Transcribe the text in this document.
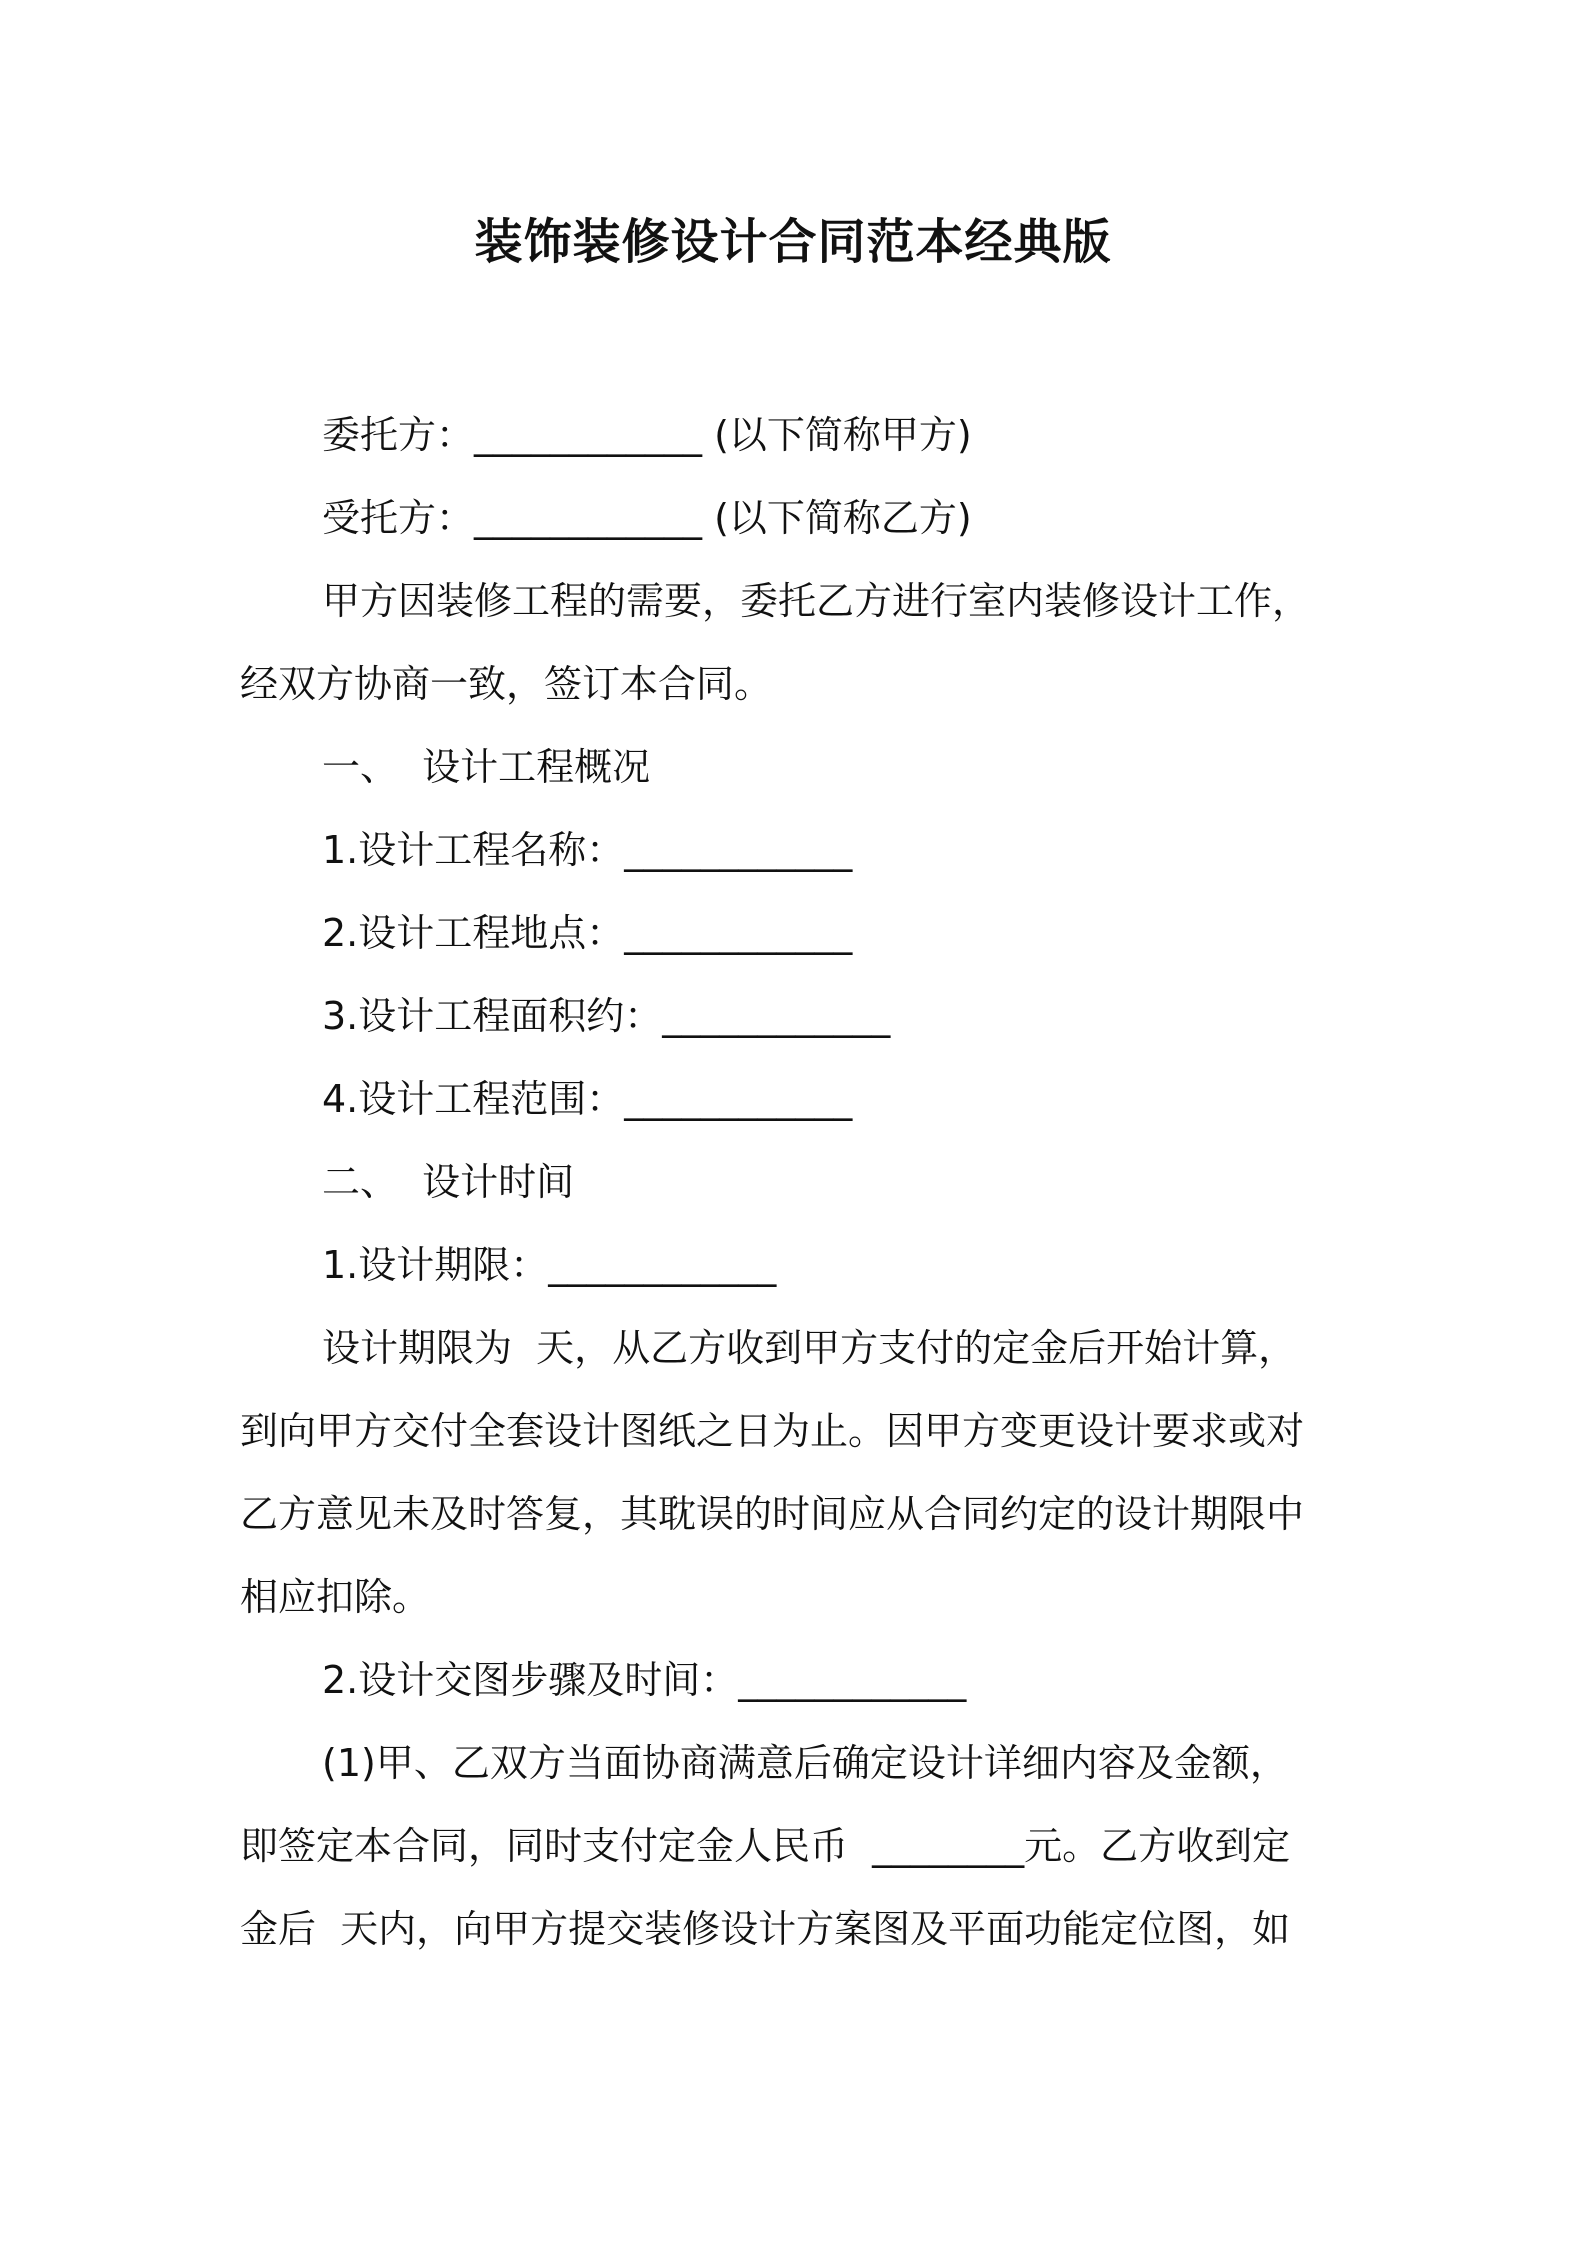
装饰装修设计合同范本经典版
委托方：____________ (以下简称甲方)
受托方：____________ (以下简称乙方)
甲方因装修工程的需要，委托乙方进行室内装修设计工作，
经双方协商一致，签订本合同。
一、  设计工程概况
1.设计工程名称：____________
2.设计工程地点：____________
3.设计工程面积约：____________
4.设计工程范围：____________
二、  设计时间
1.设计期限：____________
设计期限为  天，从乙方收到甲方支付的定金后开始计算，
到向甲方交付全套设计图纸之日为止。因甲方变更设计要求或对
乙方意见未及时答复，其耽误的时间应从合同约定的设计期限中
相应扣除。
2.设计交图步骤及时间：____________
(1)甲、乙双方当面协商满意后确定设计详细内容及金额，
即签定本合同，同时支付定金人民币  ________元。乙方收到定
金后  天内，向甲方提交装修设计方案图及平面功能定位图，如
